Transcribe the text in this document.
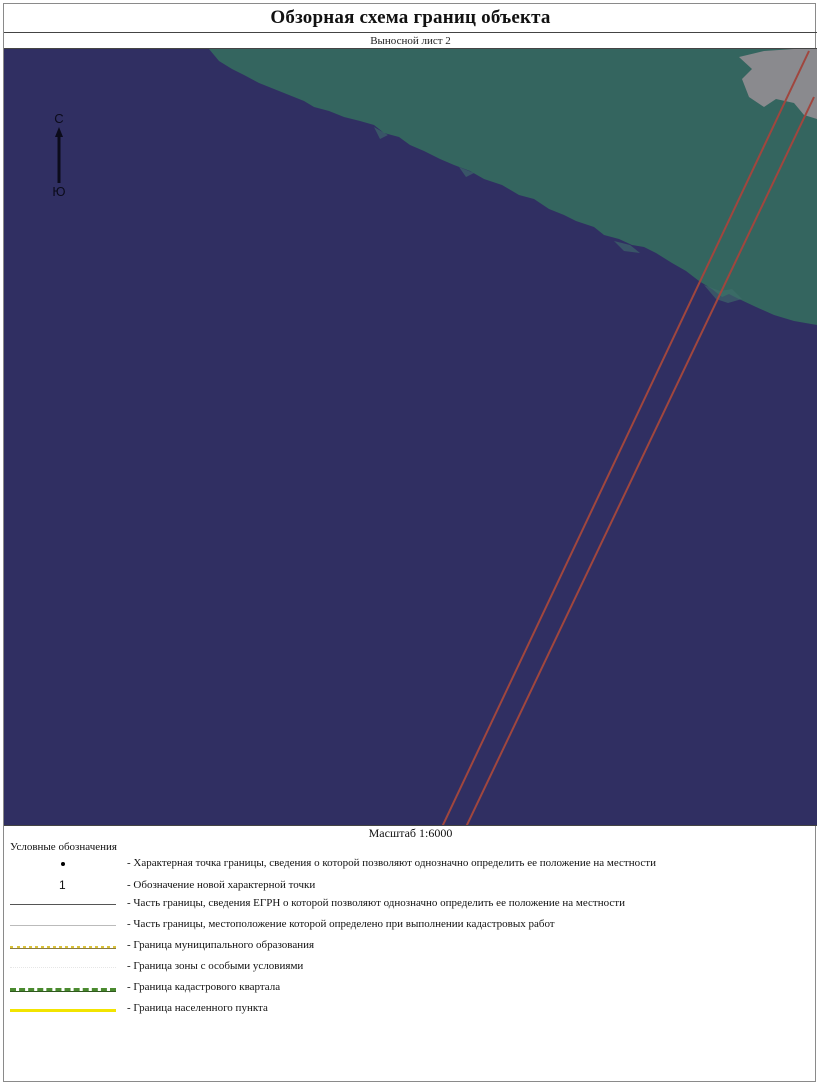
Обзорная схема границ объекта
Выносной лист 2
С
Ю
Масштаб 1:6000
Условные обозначения
- Характерная точка границы, сведения о которой позволяют однозначно определить ее положение на местности
1	- Обозначение новой характерной точки
- Часть границы, сведения ЕГРН о которой позволяют однозначно определить ее положение на местности
- Часть границы, местоположение которой определено при выполнении кадастровых работ
- Граница муниципального образования
- Граница зоны с особыми условиями
- Граница кадастрового квартала
- Граница населенного пункта
